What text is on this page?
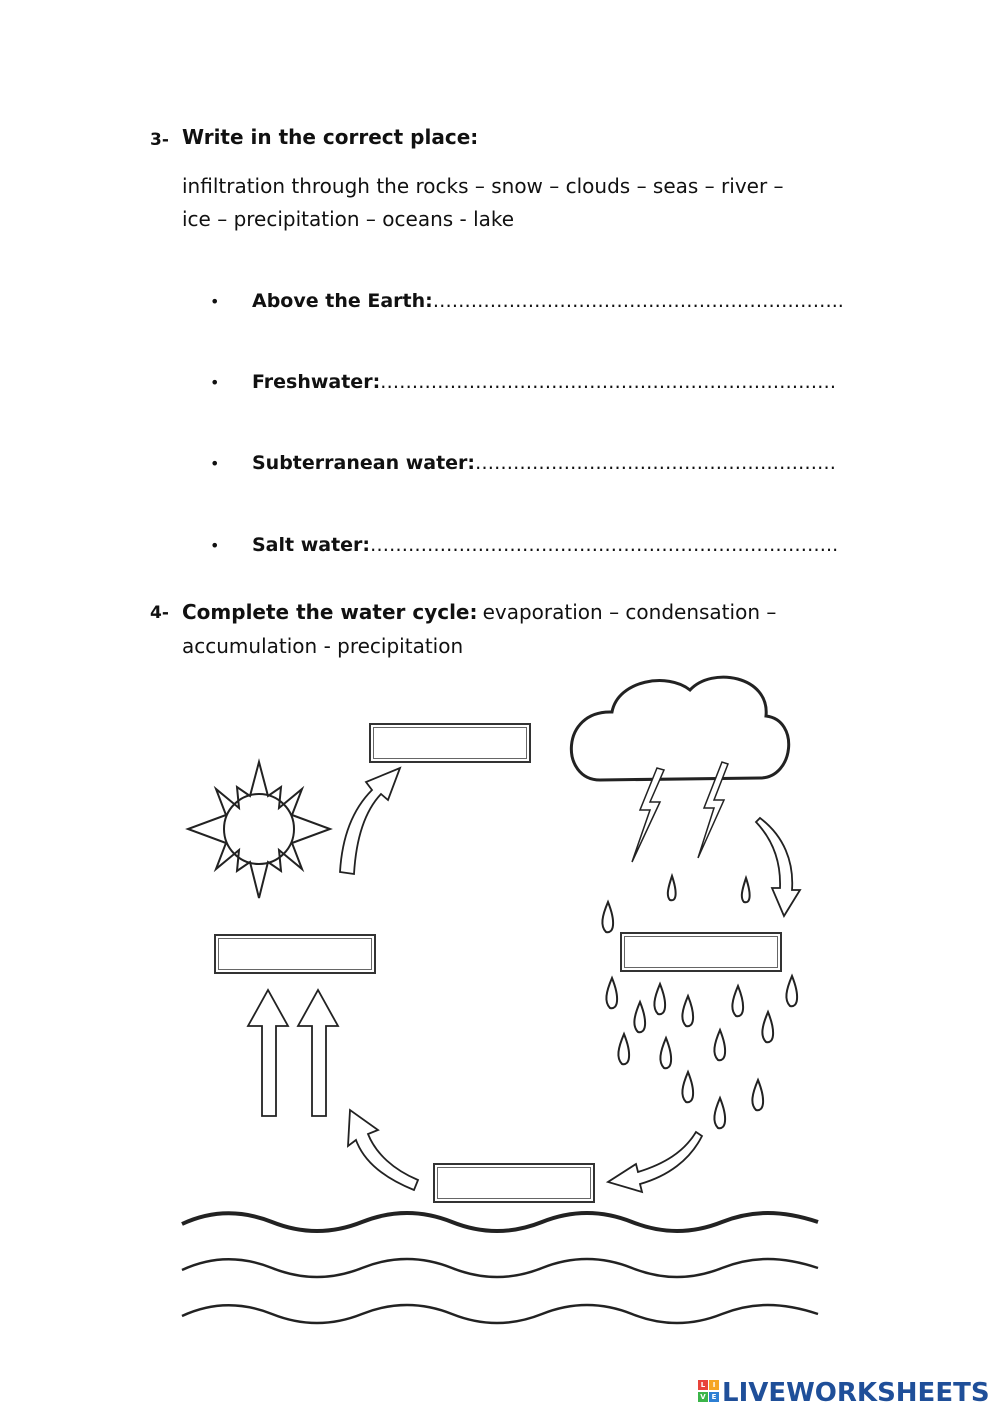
3- Write in the correct place:
infiltration through the rocks – snow – clouds – seas – river –
ice – precipitation – oceans - lake
• Above the Earth:………………………………………………………..
• Freshwater:………………………………………………………………
• Subterranean water:…………………………………………………
• Salt water:………………………………………………………………..
4- Complete the water cycle: evaporation – condensation –
accumulation - precipitation
L	I
V E LIVEWORKSHEETS
